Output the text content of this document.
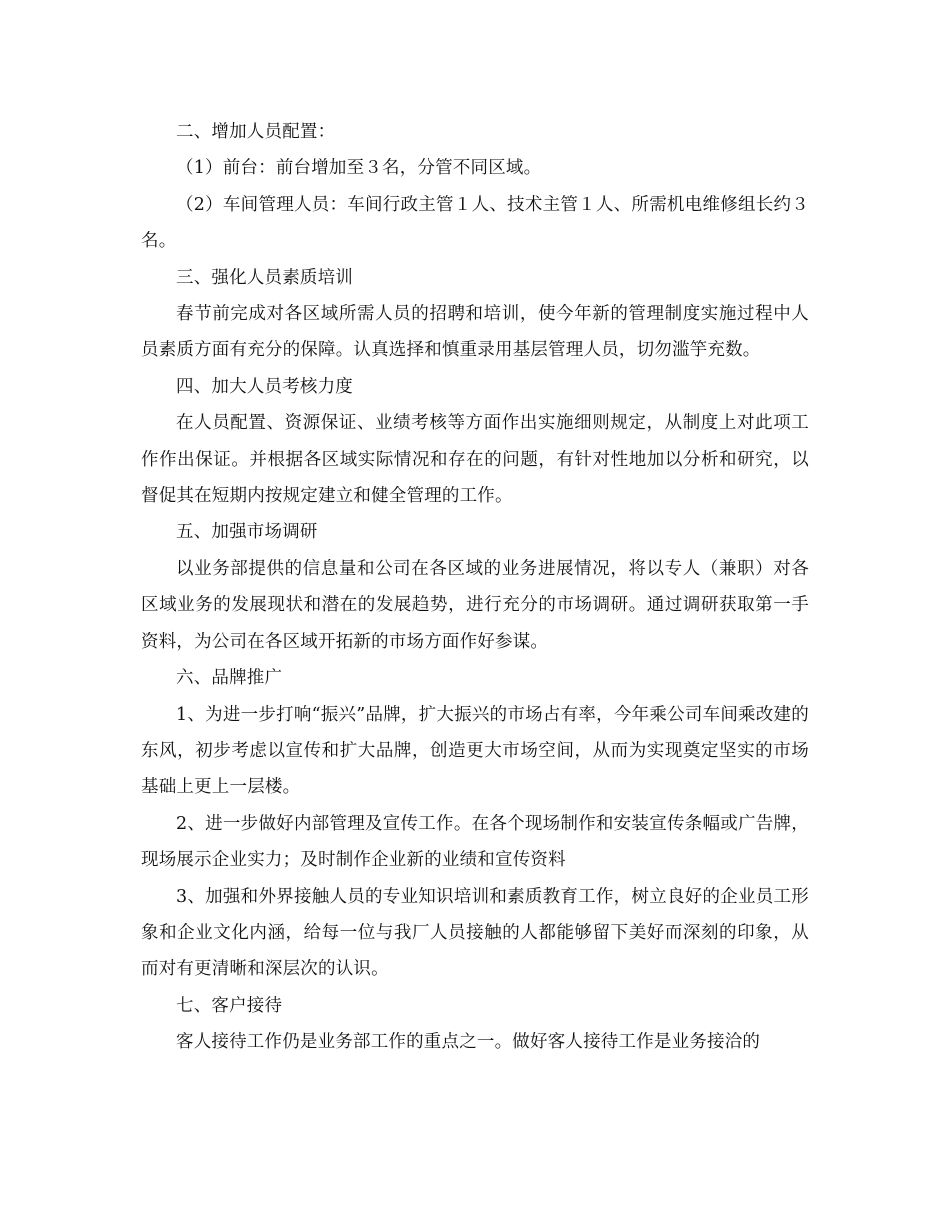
二、增加人员配置：

（1）前台：前台增加至３名，分管不同区域。

（2）车间管理人员：车间行政主管１人、技术主管１人、所需机电维修组长约３名。

三、强化人员素质培训

春节前完成对各区域所需人员的招聘和培训，使今年新的管理制度实施过程中人员素质方面有充分的保障。认真选择和慎重录用基层管理人员，切勿滥竽充数。

四、加大人员考核力度

在人员配置、资源保证、业绩考核等方面作出实施细则规定，从制度上对此项工作作出保证。并根据各区域实际情况和存在的问题，有针对性地加以分析和研究，以督促其在短期内按规定建立和健全管理的工作。

五、加强市场调研

以业务部提供的信息量和公司在各区域的业务进展情况，将以专人（兼职）对各区域业务的发展现状和潜在的发展趋势，进行充分的市场调研。通过调研获取第一手资料，为公司在各区域开拓新的市场方面作好参谋。

六、品牌推广

1、为进一步打响“振兴”品牌，扩大振兴的市场占有率，今年乘公司车间乘改建的东风，初步考虑以宣传和扩大品牌，创造更大市场空间，从而为实现奠定坚实的市场基础上更上一层楼。

2、进一步做好内部管理及宣传工作。在各个现场制作和安装宣传条幅或广告牌，现场展示企业实力；及时制作企业新的业绩和宣传资料

3、加强和外界接触人员的专业知识培训和素质教育工作，树立良好的企业员工形象和企业文化内涵，给每一位与我厂人员接触的人都能够留下美好而深刻的印象，从而对有更清晰和深层次的认识。

七、客户接待

客人接待工作仍是业务部工作的重点之一。做好客人接待工作是业务接洽的
